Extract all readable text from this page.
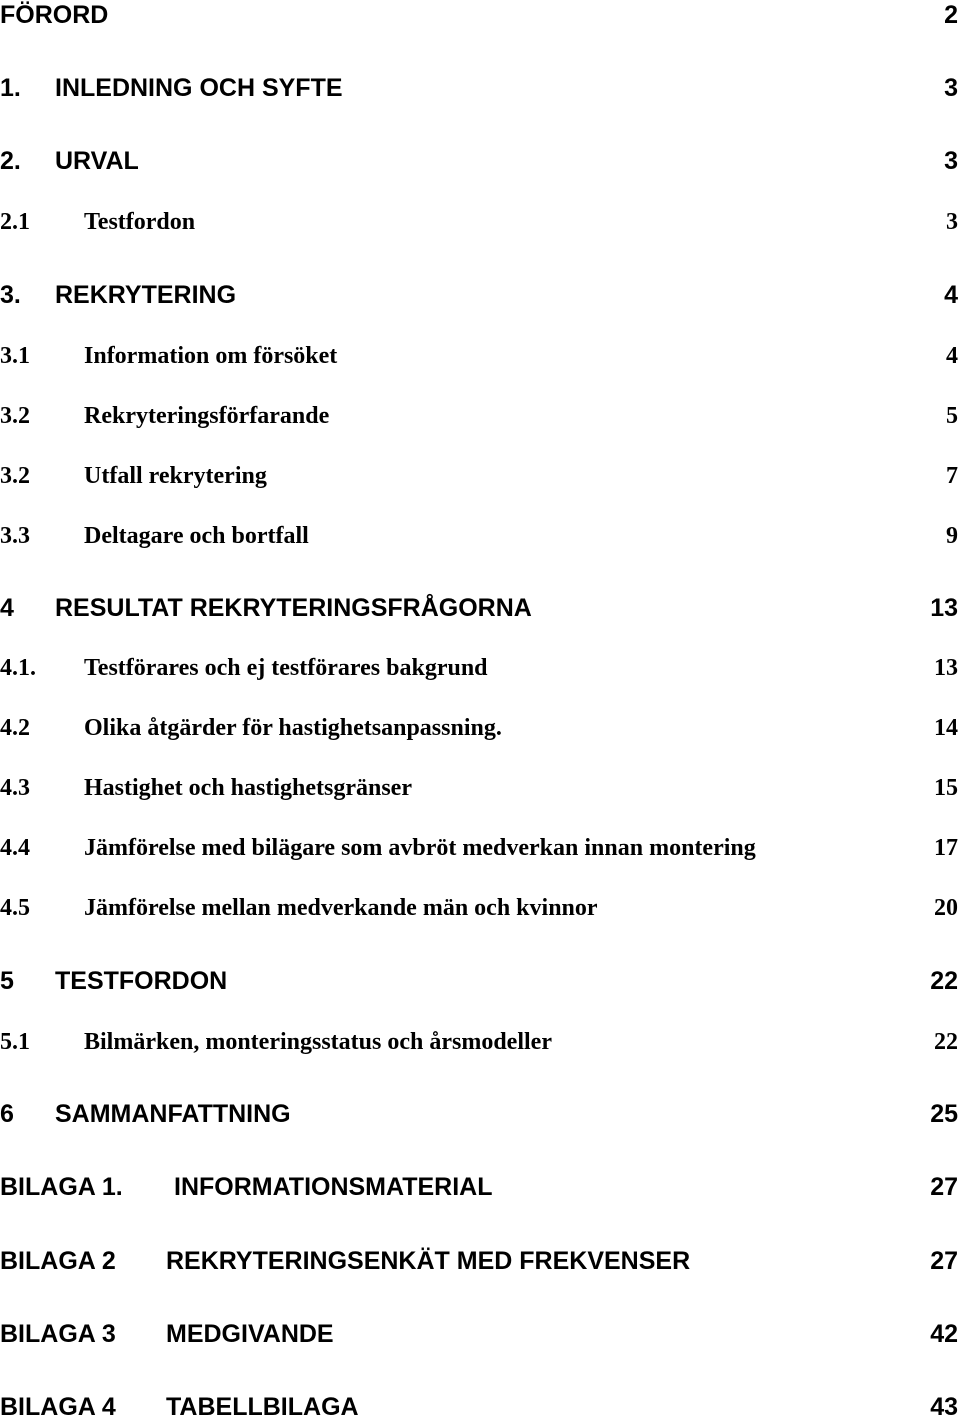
FÖRORD	2
1. INLEDNING OCH SYFTE	3
2. URVAL	3
2.1 Testfordon	3
3. REKRYTERING	4
3.1 Information om försöket	4
3.2 Rekryteringsförfarande	5
3.2 Utfall rekrytering	7
3.3 Deltagare och bortfall	9
4 RESULTAT REKRYTERINGSFRÅGORNA	13
4.1. Testförares och ej testförares bakgrund	13
4.2 Olika åtgärder för hastighetsanpassning.	14
4.3 Hastighet och hastighetsgränser	15
4.4 Jämförelse med bilägare som avbröt medverkan innan montering	17
4.5 Jämförelse mellan medverkande män och kvinnor	20
5 TESTFORDON	22
5.1 Bilmärken, monteringsstatus och årsmodeller	22
6 SAMMANFATTNING	25
BILAGA 1. INFORMATIONSMATERIAL	27
BILAGA 2 REKRYTERINGSENKÄT MED FREKVENSER	27
BILAGA 3 MEDGIVANDE	42
BILAGA 4 TABELLBILAGA	43
